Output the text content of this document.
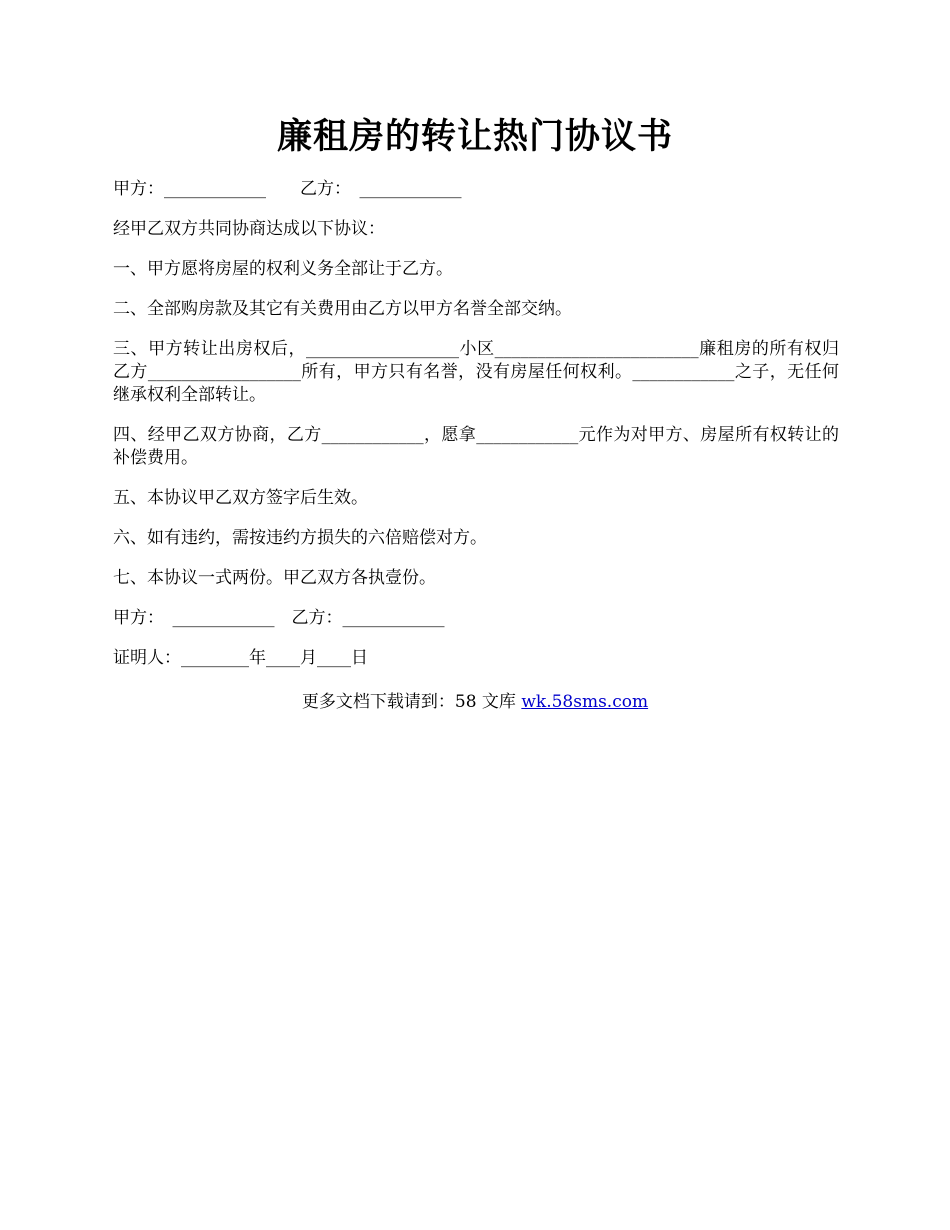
廉租房的转让热门协议书

甲方：____________　　乙方：　____________

经甲乙双方共同协商达成以下协议：

一、甲方愿将房屋的权利义务全部让于乙方。

二、全部购房款及其它有关费用由乙方以甲方名誉全部交纳。

三、甲方转让出房权后，__________________小区________________________廉租房的所有权归乙方__________________所有，甲方只有名誉，没有房屋任何权利。____________之子，无任何继承权利全部转让。

四、经甲乙双方协商，乙方____________，愿拿____________元作为对甲方、房屋所有权转让的补偿费用。

五、本协议甲乙双方签字后生效。

六、如有违约，需按违约方损失的六倍赔偿对方。

七、本协议一式两份。甲乙双方各执壹份。

甲方：　____________　乙方：____________

证明人：________年____月____日

更多文档下载请到：58 文库 wk.58sms.com
